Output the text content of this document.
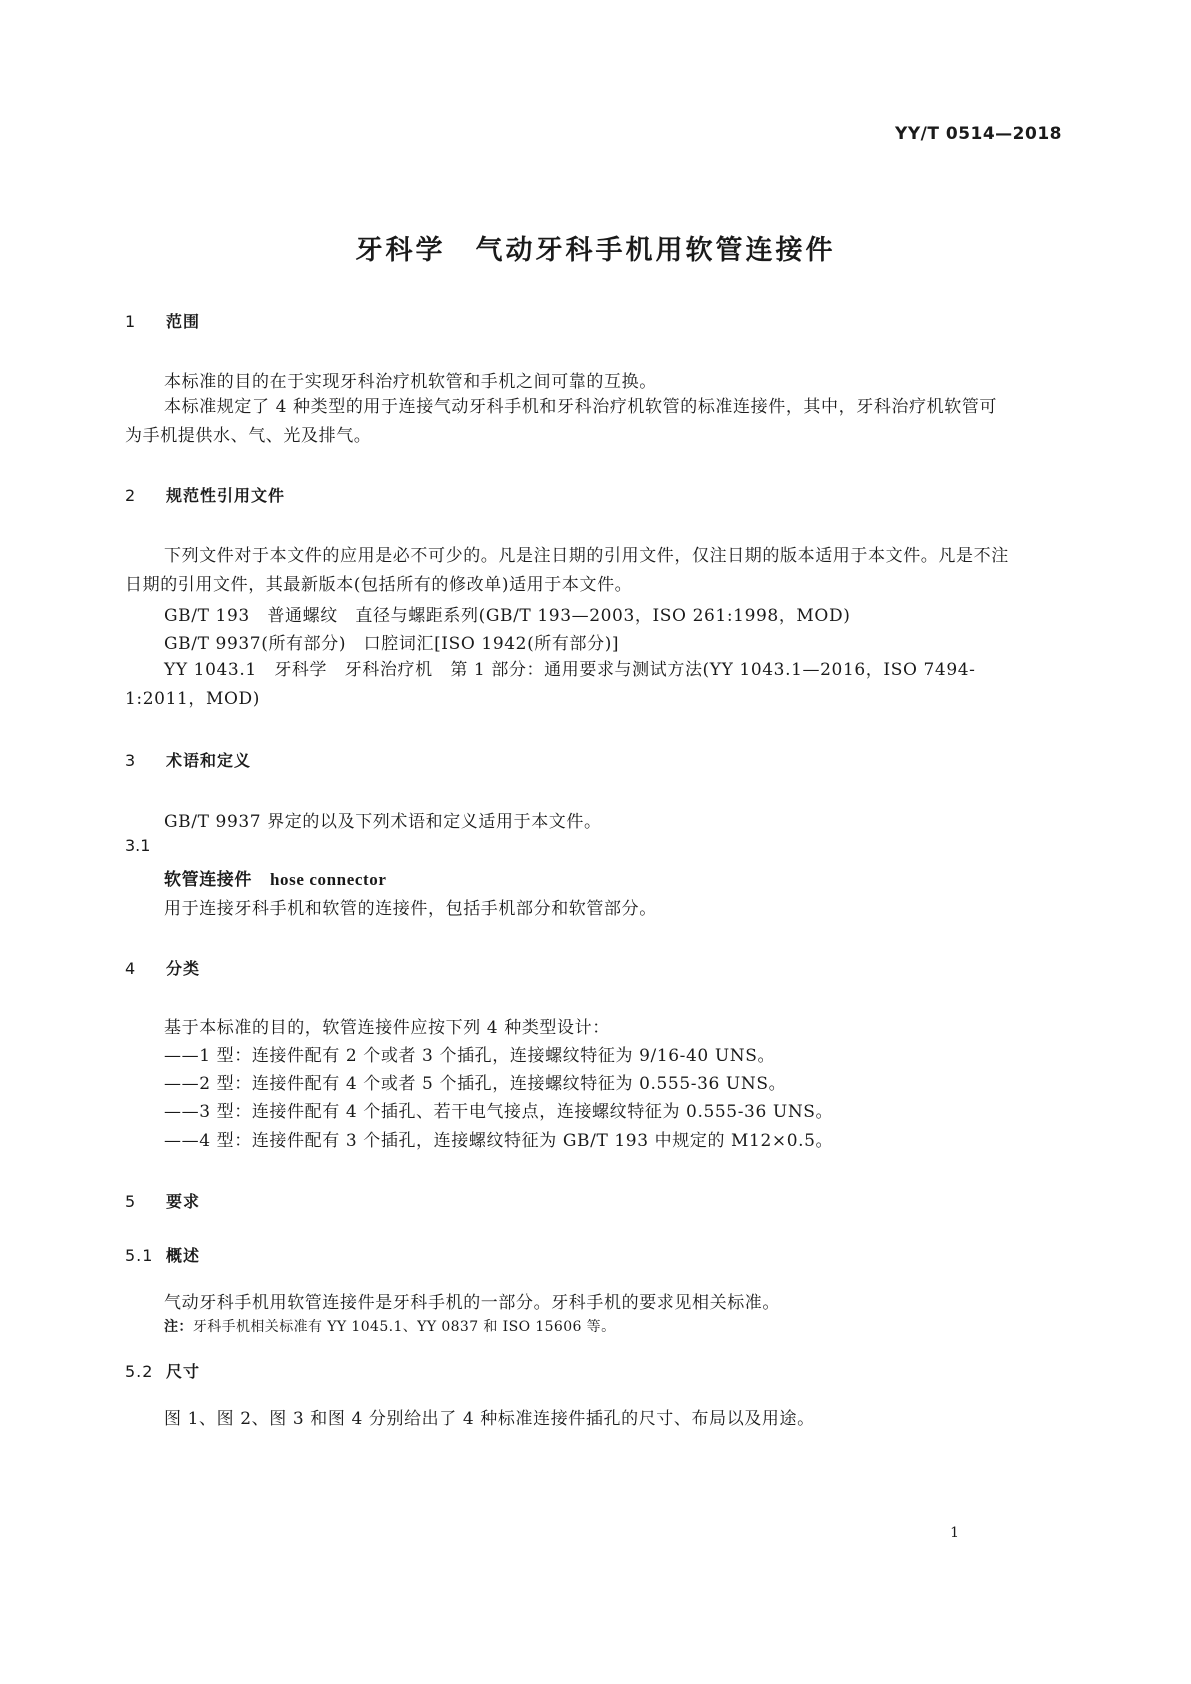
YY/T 0514—2018
牙科学　气动牙科手机用软管连接件
1 范围
本标准的目的在于实现牙科治疗机软管和手机之间可靠的互换。
本标准规定了 4 种类型的用于连接气动牙科手机和牙科治疗机软管的标准连接件，其中，牙科治疗机软管可为手机提供水、气、光及排气。
2 规范性引用文件
下列文件对于本文件的应用是必不可少的。凡是注日期的引用文件，仅注日期的版本适用于本文件。凡是不注日期的引用文件，其最新版本(包括所有的修改单)适用于本文件。
GB/T 193　普通螺纹　直径与螺距系列(GB/T 193—2003，ISO 261:1998，MOD)
GB/T 9937(所有部分)　口腔词汇[ISO 1942(所有部分)]
YY 1043.1　牙科学　牙科治疗机　第 1 部分：通用要求与测试方法(YY 1043.1—2016，ISO 7494-1:2011，MOD)
3 术语和定义
GB/T 9937 界定的以及下列术语和定义适用于本文件。
3.1
软管连接件 hose connector
用于连接牙科手机和软管的连接件，包括手机部分和软管部分。
4 分类
基于本标准的目的，软管连接件应按下列 4 种类型设计：
——1 型：连接件配有 2 个或者 3 个插孔，连接螺纹特征为 9/16-40 UNS。
——2 型：连接件配有 4 个或者 5 个插孔，连接螺纹特征为 0.555-36 UNS。
——3 型：连接件配有 4 个插孔、若干电气接点，连接螺纹特征为 0.555-36 UNS。
——4 型：连接件配有 3 个插孔，连接螺纹特征为 GB/T 193 中规定的 M12×0.5。
5 要求
5.1 概述
气动牙科手机用软管连接件是牙科手机的一部分。牙科手机的要求见相关标准。
注：牙科手机相关标准有 YY 1045.1、YY 0837 和 ISO 15606 等。
5.2 尺寸
图 1、图 2、图 3 和图 4 分别给出了 4 种标准连接件插孔的尺寸、布局以及用途。
1
